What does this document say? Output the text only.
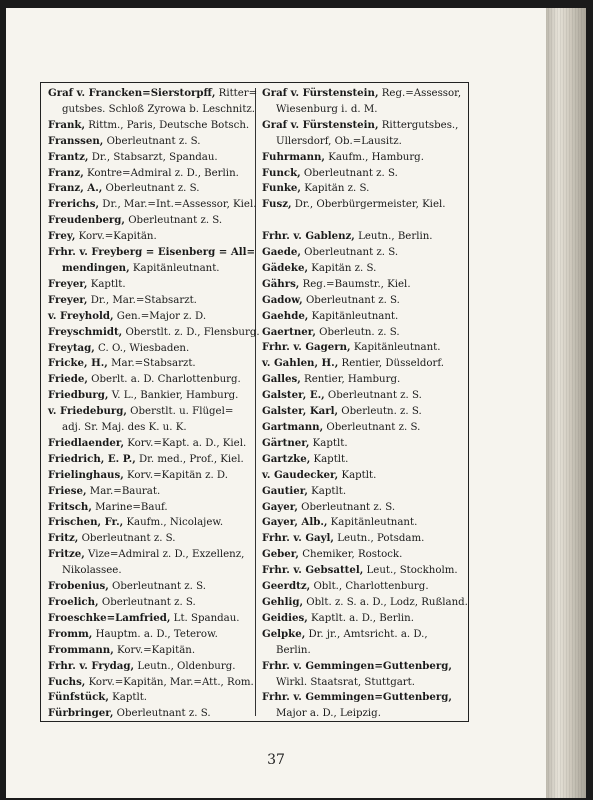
37
Graf v. Francken=Sierstorpff, Ritter=
gutsbes. Schloß Zyrowa b. Leschnitz.
Frank, Rittm., Paris, Deutsche Botsch.
Franssen, Oberleutnant z. S.
Frantz, Dr., Stabsarzt, Spandau.
Franz, Kontre=Admiral z. D., Berlin.
Franz, A., Oberleutnant z. S.
Frerichs, Dr., Mar.=Int.=Assessor, Kiel.
Freudenberg, Oberleutnant z. S.
Frey, Korv.=Kapitän.
Frhr. v. Freyberg = Eisenberg = All=
mendingen, Kapitänleutnant.
Freyer, Kaptlt.
Freyer, Dr., Mar.=Stabsarzt.
v. Freyhold, Gen.=Major z. D.
Freyschmidt, Oberstlt. z. D., Flensburg.
Freytag, C. O., Wiesbaden.
Fricke, H., Mar.=Stabsarzt.
Friede, Oberlt. a. D. Charlottenburg.
Friedburg, V. L., Bankier, Hamburg.
v. Friedeburg, Oberstlt. u. Flügel=
adj. Sr. Maj. des K. u. K.
Friedlaender, Korv.=Kapt. a. D., Kiel.
Friedrich, E. P., Dr. med., Prof., Kiel.
Frielinghaus, Korv.=Kapitän z. D.
Friese, Mar.=Baurat.
Fritsch, Marine=Bauf.
Frischen, Fr., Kaufm., Nicolajew.
Fritz, Oberleutnant z. S.
Fritze, Vize=Admiral z. D., Exzellenz,
Nikolassee.
Frobenius, Oberleutnant z. S.
Froelich, Oberleutnant z. S.
Froeschke=Lamfried, Lt. Spandau.
Fromm, Hauptm. a. D., Teterow.
Frommann, Korv.=Kapitän.
Frhr. v. Frydag, Leutn., Oldenburg.
Fuchs, Korv.=Kapitän, Mar.=Att., Rom.
Fünfstück, Kaptlt.
Fürbringer, Oberleutnant z. S.
Graf v. Fürstenstein, Reg.=Assessor,
Wiesenburg i. d. M.
Graf v. Fürstenstein, Rittergutsbes.,
Ullersdorf, Ob.=Lausitz.
Fuhrmann, Kaufm., Hamburg.
Funck, Oberleutnant z. S.
Funke, Kapitän z. S.
Fusz, Dr., Oberbürgermeister, Kiel.
Frhr. v. Gablenz, Leutn., Berlin.
Gaede, Oberleutnant z. S.
Gädeke, Kapitän z. S.
Gährs, Reg.=Baumstr., Kiel.
Gadow, Oberleutnant z. S.
Gaehde, Kapitänleutnant.
Gaertner, Oberleutn. z. S.
Frhr. v. Gagern, Kapitänleutnant.
v. Gahlen, H., Rentier, Düsseldorf.
Galles, Rentier, Hamburg.
Galster, E., Oberleutnant z. S.
Galster, Karl, Oberleutn. z. S.
Gartmann, Oberleutnant z. S.
Gärtner, Kaptlt.
Gartzke, Kaptlt.
v. Gaudecker, Kaptlt.
Gautier, Kaptlt.
Gayer, Oberleutnant z. S.
Gayer, Alb., Kapitänleutnant.
Frhr. v. Gayl, Leutn., Potsdam.
Geber, Chemiker, Rostock.
Frhr. v. Gebsattel, Leut., Stockholm.
Geerdtz, Oblt., Charlottenburg.
Gehlig, Oblt. z. S. a. D., Lodz, Rußland.
Geidies, Kaptlt. a. D., Berlin.
Gelpke, Dr. jr., Amtsricht. a. D.,
Berlin.
Frhr. v. Gemmingen=Guttenberg,
Wirkl. Staatsrat, Stuttgart.
Frhr. v. Gemmingen=Guttenberg,
Major a. D., Leipzig.
